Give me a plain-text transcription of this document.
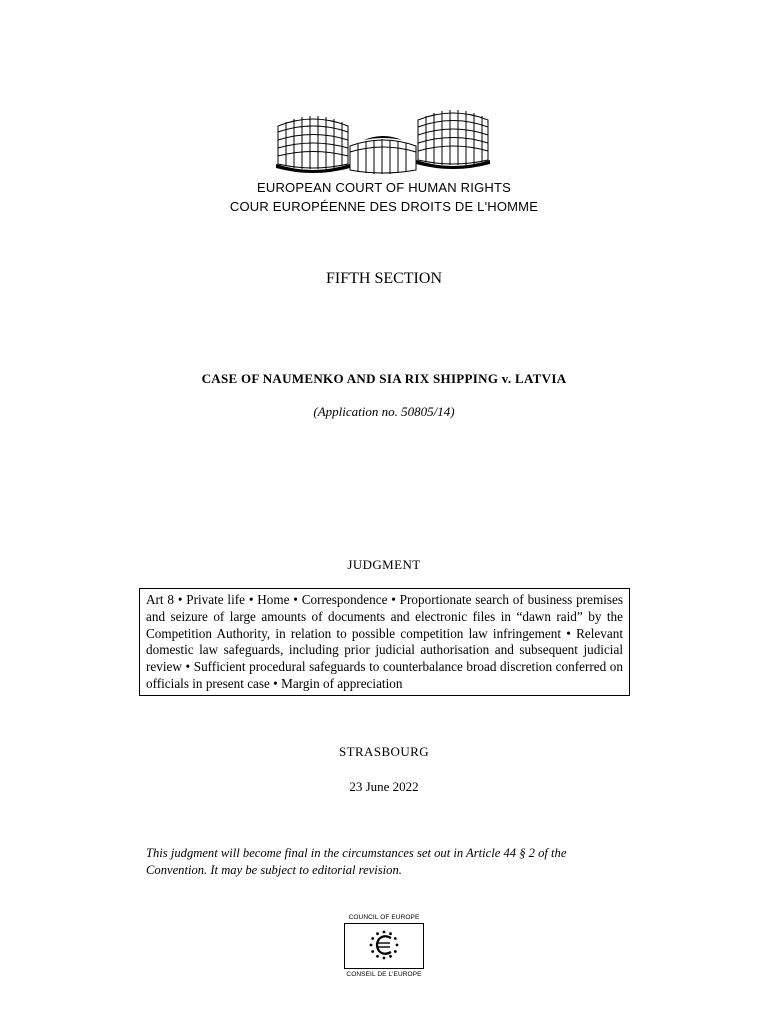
EUROPEAN COURT OF HUMAN RIGHTS
COUR EUROPÉENNE DES DROITS DE L'HOMME
FIFTH SECTION
CASE OF NAUMENKO AND SIA RIX SHIPPING v. LATVIA
(Application no. 50805/14)
JUDGMENT
Art 8 • Private life • Home • Correspondence • Proportionate search of business premises and seizure of large amounts of documents and electronic files in “dawn raid” by the Competition Authority, in relation to possible competition law infringement • Relevant domestic law safeguards, including prior judicial authorisation and subsequent judicial review • Sufficient procedural safeguards to counterbalance broad discretion conferred on officials in present case • Margin of appreciation
STRASBOURG
23 June 2022
This judgment will become final in the circumstances set out in Article 44 § 2 of the Convention. It may be subject to editorial revision.
COUNCIL OF EUROPE
CONSEIL DE L'EUROPE
